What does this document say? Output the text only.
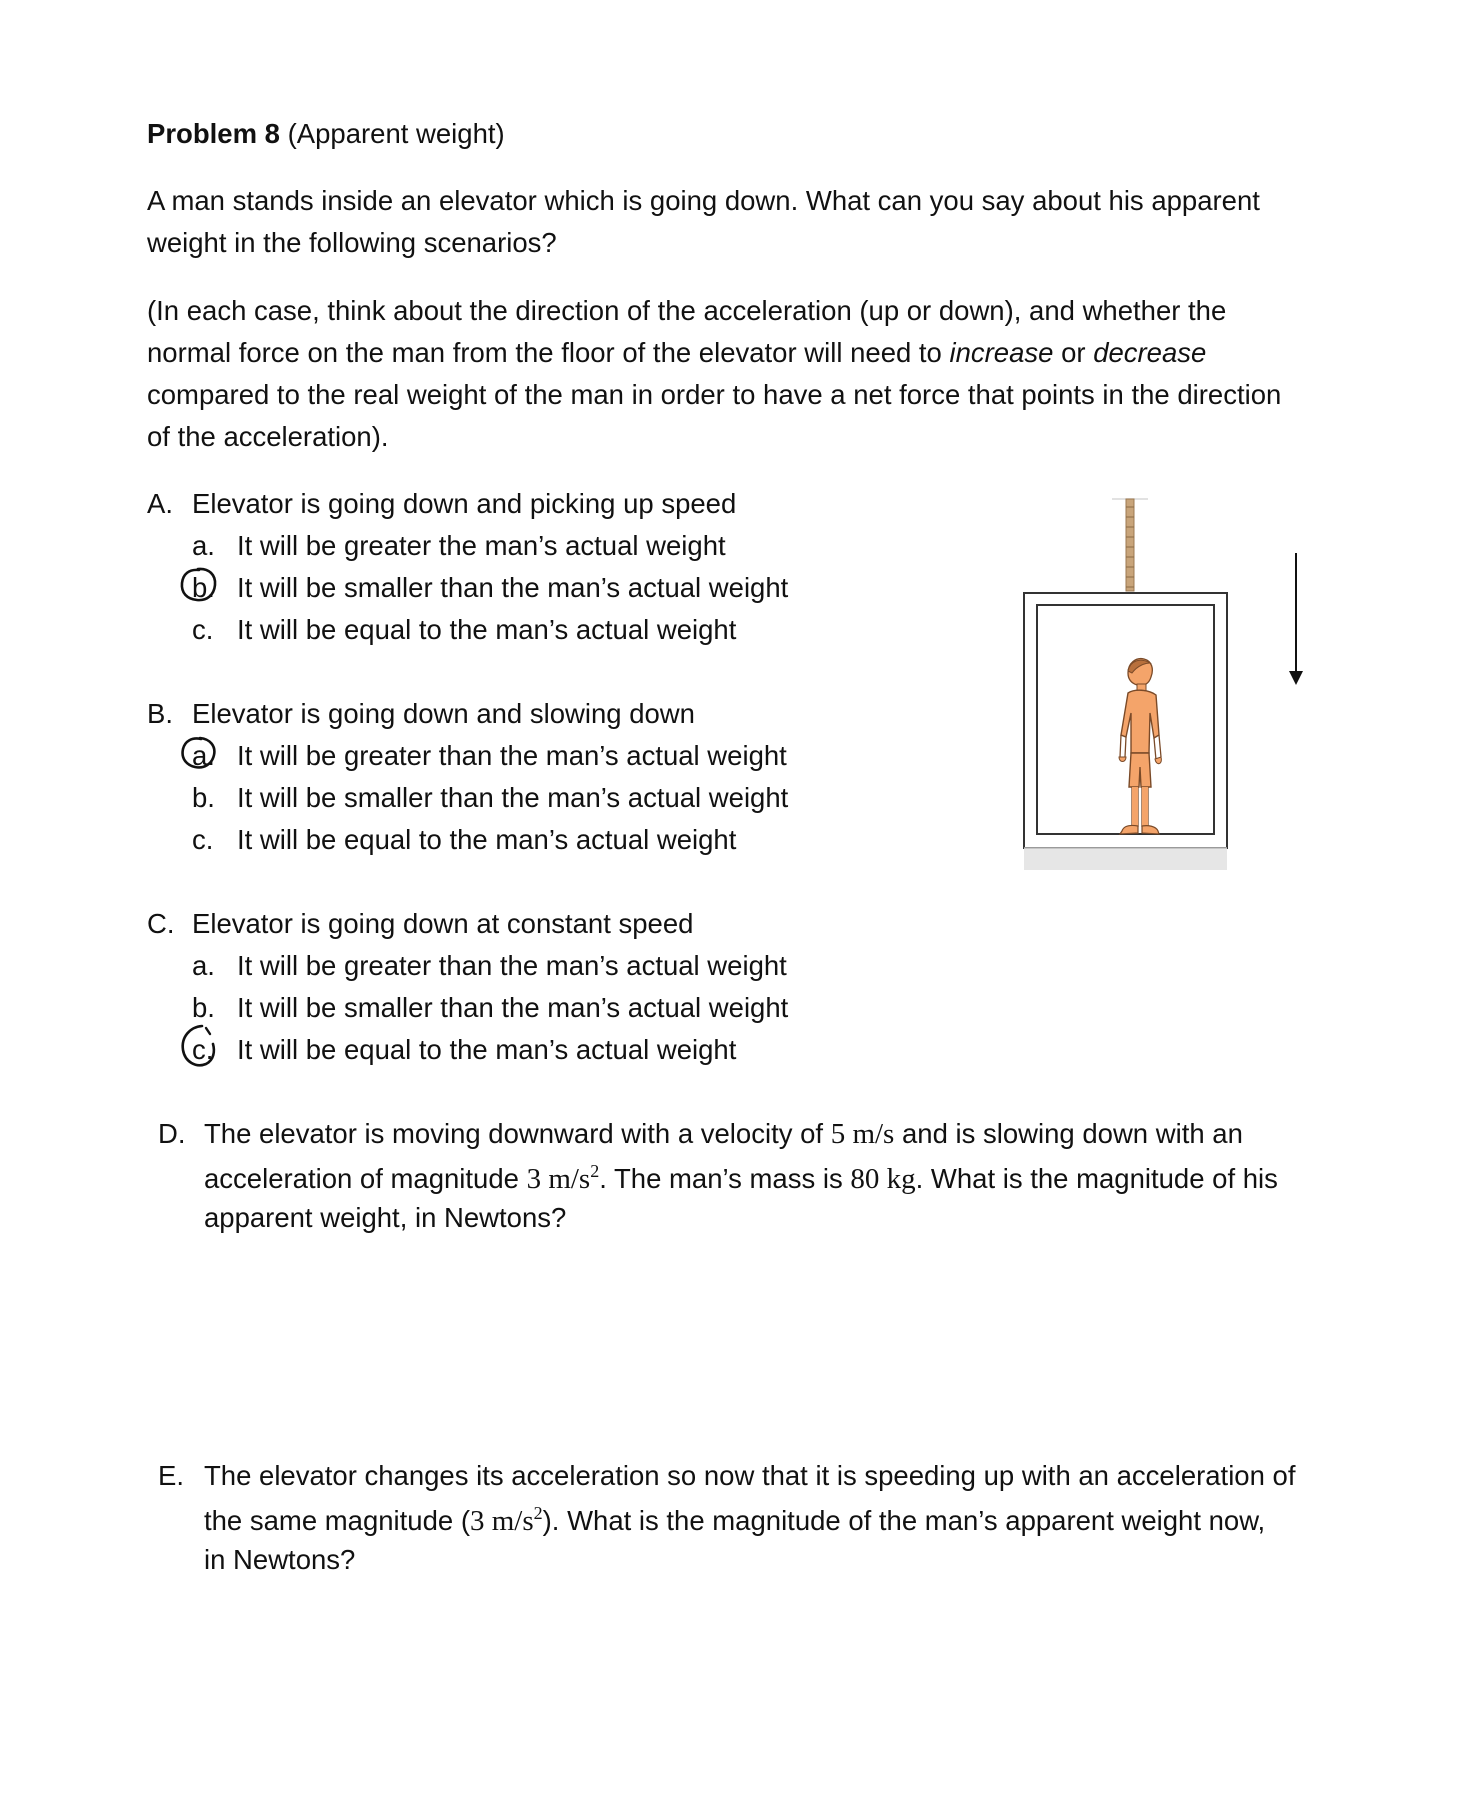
Problem 8 (Apparent weight)
A man stands inside an elevator which is going down. What can you say about his apparent
weight in the following scenarios?
(In each case, think about the direction of the acceleration (up or down), and whether the
normal force on the man from the floor of the elevator will need to increase or decrease
compared to the real weight of the man in order to have a net force that points in the direction
of the acceleration).
A. Elevator is going down and picking up speed
a. It will be greater the man’s actual weight
b. It will be smaller than the man’s actual weight
c. It will be equal to the man’s actual weight
B. Elevator is going down and slowing down
a. It will be greater than the man’s actual weight
b. It will be smaller than the man’s actual weight
c. It will be equal to the man’s actual weight
C. Elevator is going down at constant speed
a. It will be greater than the man’s actual weight
b. It will be smaller than the man’s actual weight
c. It will be equal to the man’s actual weight
D. The elevator is moving downward with a velocity of 5 m/s and is slowing down with an
acceleration of magnitude 3 $m/s^2$. The man’s mass is 80 kg. What is the magnitude of his
apparent weight, in Newtons?
E. The elevator changes its acceleration so now that it is speeding up with an acceleration of
the same magnitude (3 $m/s^2$). What is the magnitude of the man’s apparent weight now,
in Newtons?
